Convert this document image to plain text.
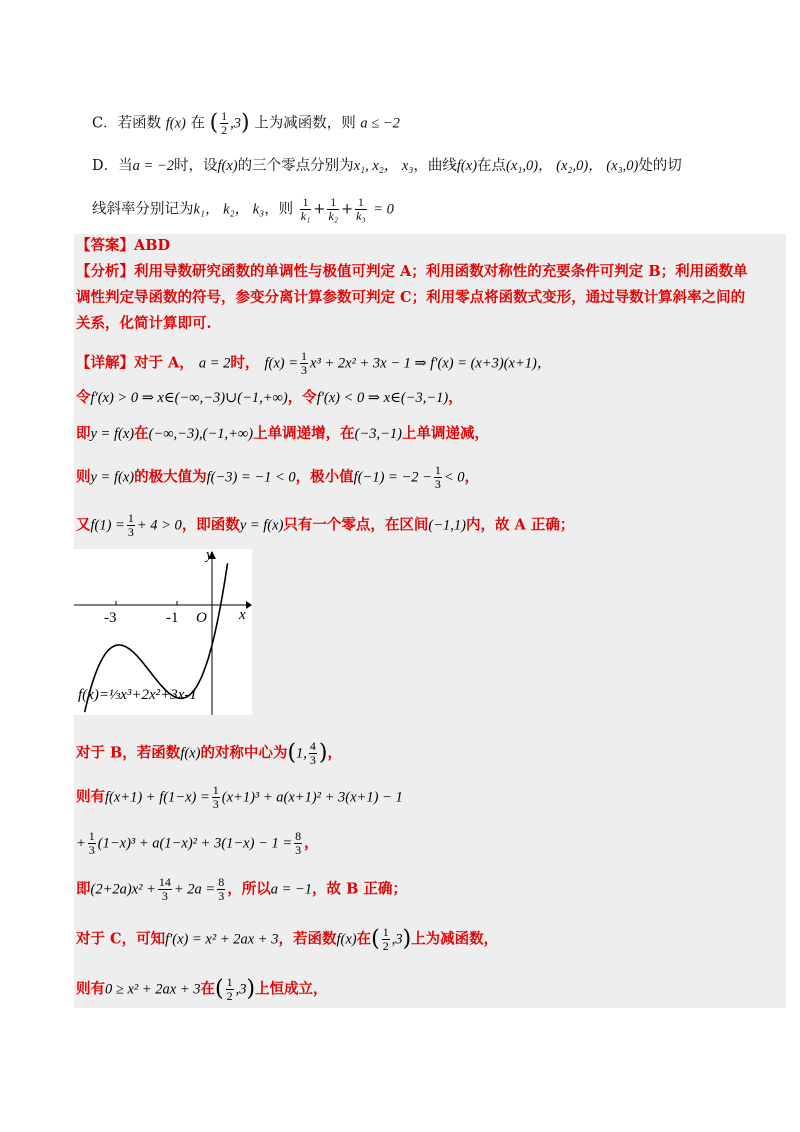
C．若函数 f(x) 在 ( $\frac{1}{2} ,3$) 上为减函数，则 a ≤ −2
D．当a = −2时，设f(x)的三个零点分别为x₁, x₂， x₃，曲线f(x)在点(x₁,0)， (x₂,0)， (x₃,0)处的切
线斜率分别记为k₁， k₂， k₃，则 $\frac{1}{\text{k₁}} + \frac{1}{\text{k₂}} + \frac{1}{\text{k₃}} = 0$
【答案】ABD
【分析】利用导数研究函数的单调性与极值可判定 A；利用函数对称性的充要条件可判定 B；利用函数单
调性判定导函数的符号，参变分离计算参数可判定 C；利用零点将函数式变形，通过导数计算斜率之间的
关系，化简计算即可.
【详解】对于 A， a = 2时， $f(x) = \frac{1}{3} x^3 + 2x^2 + 3x - 1$ ⇒ f′(x) = (x+3)(x+1)，
令f′(x) > 0 ⇒ x∈(−∞,−3)∪(−1,+∞)，令f′(x) < 0 ⇒ x∈(−3,−1)，
即y = f(x)在(−∞,−3),(−1,+∞)上单调递增，在(−3,−1)上单调递减，
则y = f(x)的极大值为f(−3) = −1 < 0，极小值$f(-1) = -2 - \frac{1}{3} < 0$，
又$f(1) = \frac{1}{3} + 4 > 0$，即函数y = f(x)只有一个零点，在区间(−1,1)内，故 A 正确；
y
x
O
-3	-1
f(x)=⅓x³+2x²+3x-1
对于 B，若函数f(x)的对称中心为(1, $\frac{4}{3}$ )，
则有$f(x+1) + f(1-x) = \frac{1}{3} (x+1)^3 + a(x+1)^2 + 3(x+1) - 1$
+ $\frac{1}{3} (1-x)^3 + a(1-x)^2 + 3(1-x) - 1 = \frac{8}{3}$ ，
即$(2+2a)x^2 + \frac{14}{3} + 2a = \frac{8}{3}$ ，所以a = −1，故 B 正确；
对于 C，可知f′(x) = x² + 2ax + 3，若函数f(x)在( $\frac{1}{2} ,3$)上为减函数，
则有0 ≥ x² + 2ax + 3在( $\frac{1}{2} ,3$)上恒成立，
